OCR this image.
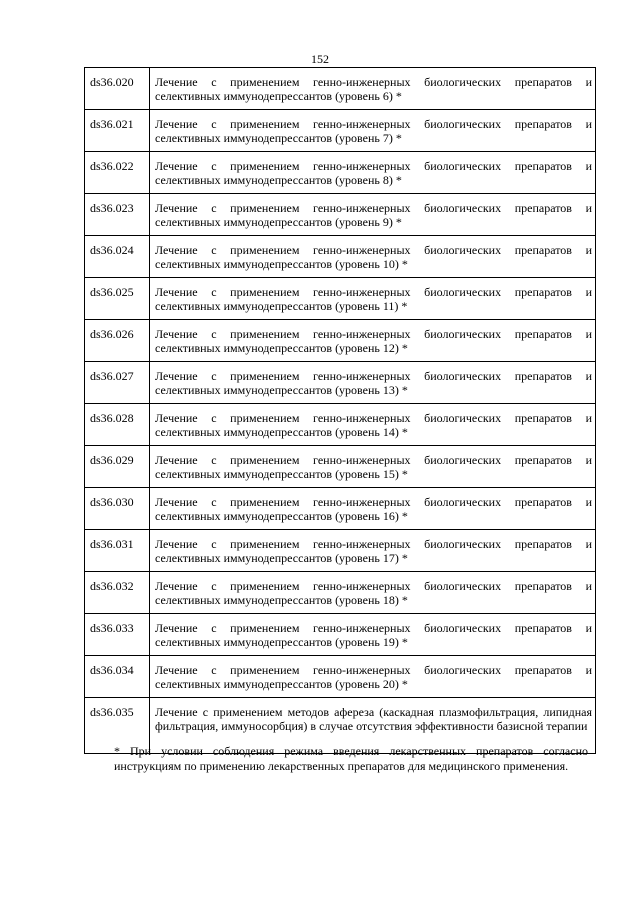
152
ds36.020	Лечение с применением генно-инженерных биологических препаратов и селективных иммунодепрессантов (уровень 6) *
ds36.021	Лечение с применением генно-инженерных биологических препаратов и селективных иммунодепрессантов (уровень 7) *
ds36.022	Лечение с применением генно-инженерных биологических препаратов и селективных иммунодепрессантов (уровень 8) *
ds36.023	Лечение с применением генно-инженерных биологических препаратов и селективных иммунодепрессантов (уровень 9) *
ds36.024	Лечение с применением генно-инженерных биологических препаратов и селективных иммунодепрессантов (уровень 10) *
ds36.025	Лечение с применением генно-инженерных биологических препаратов и селективных иммунодепрессантов (уровень 11) *
ds36.026	Лечение с применением генно-инженерных биологических препаратов и селективных иммунодепрессантов (уровень 12) *
ds36.027	Лечение с применением генно-инженерных биологических препаратов и селективных иммунодепрессантов (уровень 13) *
ds36.028	Лечение с применением генно-инженерных биологических препаратов и селективных иммунодепрессантов (уровень 14) *
ds36.029	Лечение с применением генно-инженерных биологических препаратов и селективных иммунодепрессантов (уровень 15) *
ds36.030	Лечение с применением генно-инженерных биологических препаратов и селективных иммунодепрессантов (уровень 16) *
ds36.031	Лечение с применением генно-инженерных биологических препаратов и селективных иммунодепрессантов (уровень 17) *
ds36.032	Лечение с применением генно-инженерных биологических препаратов и селективных иммунодепрессантов (уровень 18) *
ds36.033	Лечение с применением генно-инженерных биологических препаратов и селективных иммунодепрессантов (уровень 19) *
ds36.034	Лечение с применением генно-инженерных биологических препаратов и селективных иммунодепрессантов (уровень 20) *
ds36.035	Лечение с применением методов афереза (каскадная плазмофильтрация, липидная фильтрация, иммуносорбция) в случае отсутствия эффективности базисной терапии
* При условии соблюдения режима введения лекарственных препаратов согласно инструкциям по применению лекарственных препаратов для медицинского применения.
